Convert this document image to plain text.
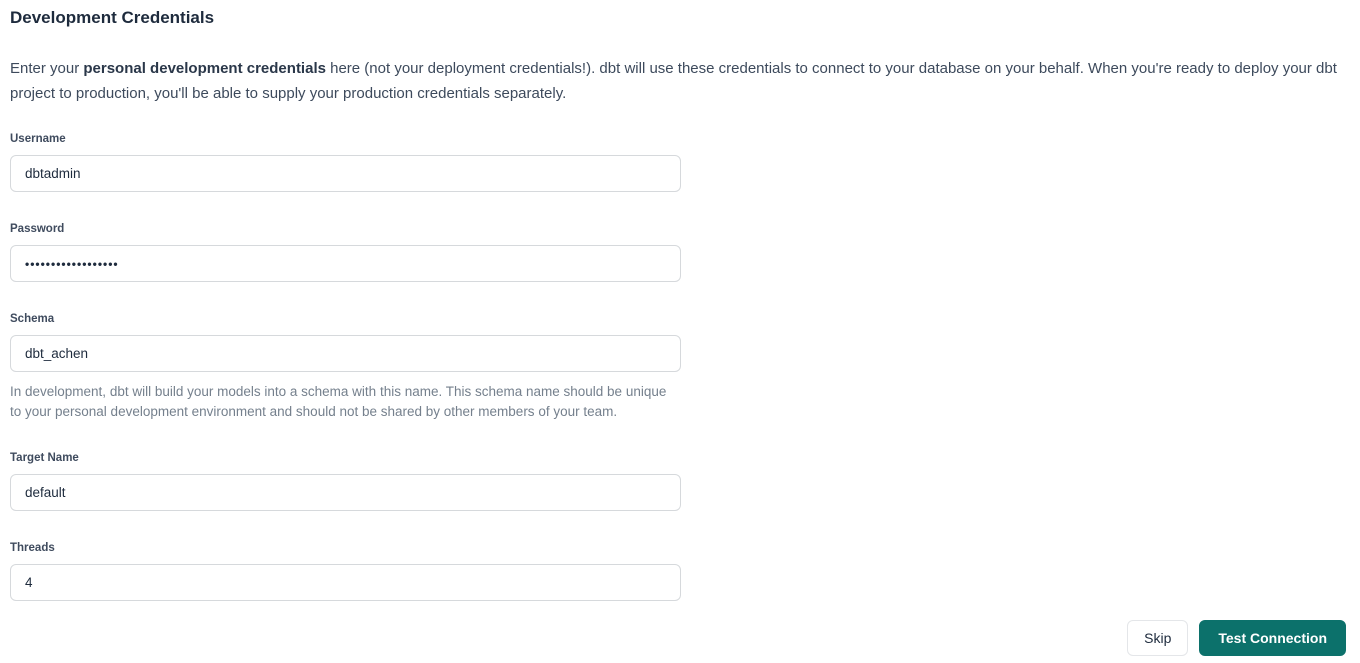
Development Credentials

Enter your personal development credentials here (not your deployment credentials!). dbt will use these credentials to connect to your database on your behalf. When you're ready to deploy your dbt project to production, you'll be able to supply your production credentials separately.

Username
dbtadmin
Password
••••••••••••••••••
Schema
dbt_achen
In development, dbt will build your models into a schema with this name. This schema name should be unique to your personal development environment and should not be shared by other members of your team.
Target Name
default
Threads
4
Skip	Test Connection
